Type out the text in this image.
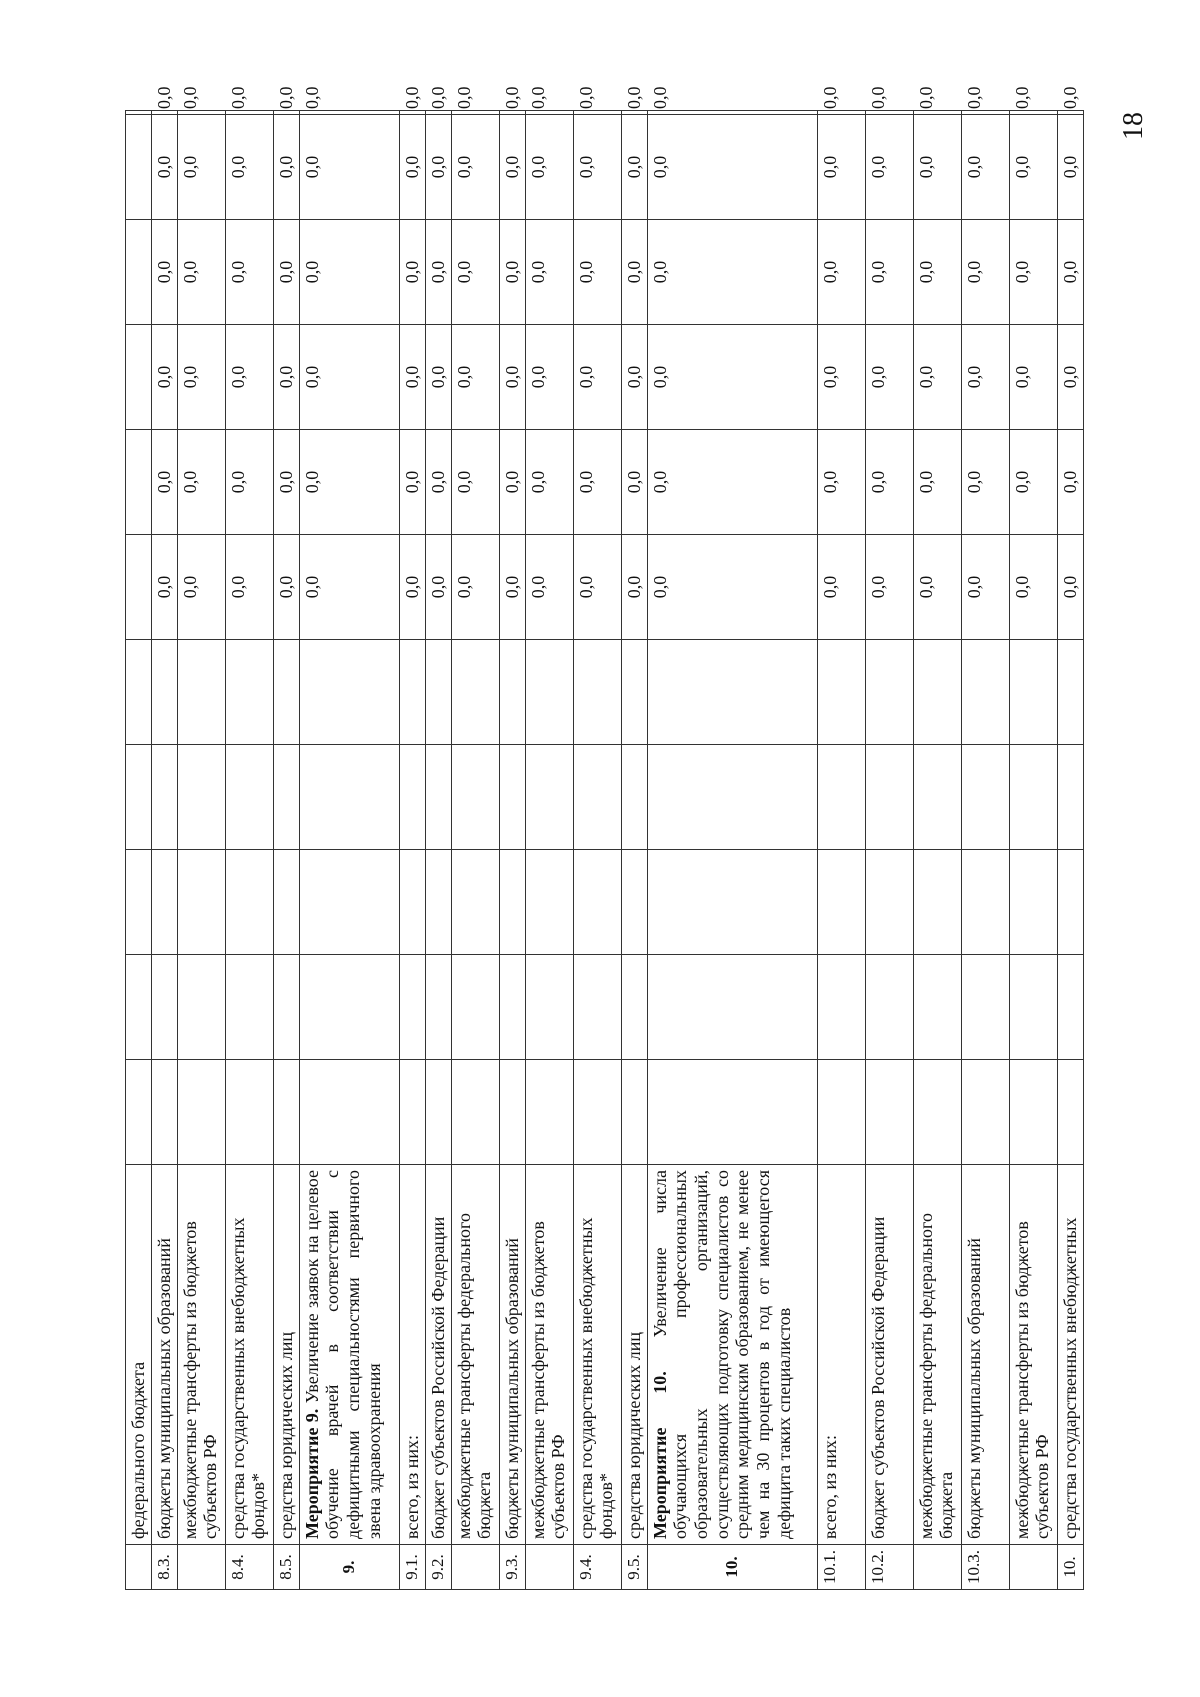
	федерального бюджета											
8.3.	бюджеты муниципальных образований						0,0	0,0	0,0	0,0	0,0	0,0
	межбюджетные трансферты из бюджетов субъектов РФ						0,0	0,0	0,0	0,0	0,0	0,0
8.4.	средства государственных внебюджетных фондов*						0,0	0,0	0,0	0,0	0,0	0,0
8.5.	средства юридических лиц						0,0	0,0	0,0	0,0	0,0	0,0
9.	Мероприятие 9. Увеличение заявок на целевое обучение врачей в соответствии с дефицитными специальностями первичного звена здравоохранения						0,0	0,0	0,0	0,0	0,0	0,0
9.1.	всего, из них:						0,0	0,0	0,0	0,0	0,0	0,0
9.2.	бюджет субъектов Российской Федерации						0,0	0,0	0,0	0,0	0,0	0,0
	межбюджетные трансферты федерального бюджета						0,0	0,0	0,0	0,0	0,0	0,0
9.3.	бюджеты муниципальных образований						0,0	0,0	0,0	0,0	0,0	0,0
	межбюджетные трансферты из бюджетов субъектов РФ						0,0	0,0	0,0	0,0	0,0	0,0
9.4.	средства государственных внебюджетных фондов*						0,0	0,0	0,0	0,0	0,0	0,0
9.5.	средства юридических лиц						0,0	0,0	0,0	0,0	0,0	0,0
10.	Мероприятие 10. Увеличение числа обучающихся профессиональных образовательных организаций, осуществляющих подготовку специалистов со средним медицинским образованием, не менее чем на 30 процентов в год от имеющегося дефицита таких специалистов						0,0	0,0	0,0	0,0	0,0	0,0
10.1.	всего, из них:						0,0	0,0	0,0	0,0	0,0	0,0
10.2.	бюджет субъектов Российской Федерации						0,0	0,0	0,0	0,0	0,0	0,0
	межбюджетные трансферты федерального бюджета						0,0	0,0	0,0	0,0	0,0	0,0
10.3.	бюджеты муниципальных образований						0,0	0,0	0,0	0,0	0,0	0,0
	межбюджетные трансферты из бюджетов субъектов РФ						0,0	0,0	0,0	0,0	0,0	0,0
10.	средства государственных внебюджетных						0,0	0,0	0,0	0,0	0,0	0,0
18
